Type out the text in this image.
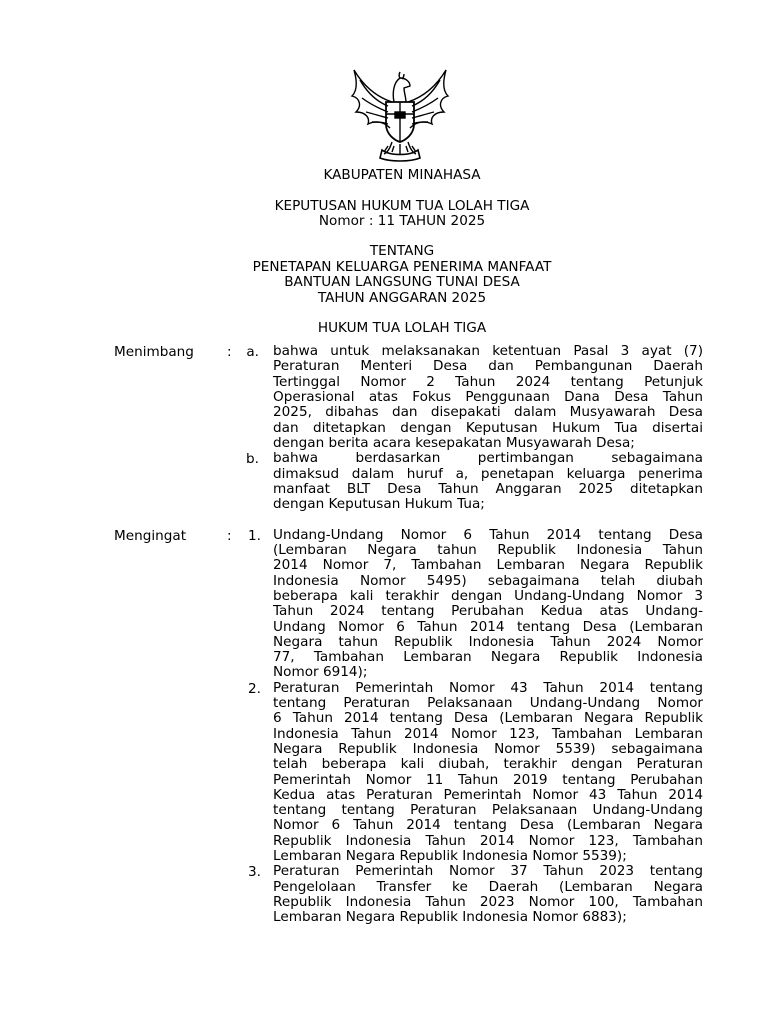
KABUPATEN MINAHASA
KEPUTUSAN HUKUM TUA LOLAH TIGA
Nomor : 11 TAHUN 2025
TENTANG
PENETAPAN KELUARGA PENERIMA MANFAAT
BANTUAN LANGSUNG TUNAI DESA
TAHUN ANGGARAN 2025
HUKUM TUA LOLAH TIGA
Menimbang :	a. bahwa untuk melaksanakan ketentuan Pasal 3 ayat (7)
Peraturan Menteri Desa dan Pembangunan Daerah
Tertinggal Nomor 2 Tahun 2024 tentang Petunjuk
Operasional atas Fokus Penggunaan Dana Desa Tahun
2025, dibahas dan disepakati dalam Musyawarah Desa
dan ditetapkan dengan Keputusan Hukum Tua disertai
dengan berita acara kesepakatan Musyawarah Desa;
b. bahwa berdasarkan pertimbangan sebagaimana
dimaksud dalam huruf a, penetapan keluarga penerima
manfaat BLT Desa Tahun Anggaran 2025 ditetapkan
dengan Keputusan Hukum Tua;
Mengingat	:	1. Undang-Undang Nomor 6 Tahun 2014 tentang Desa
(Lembaran Negara tahun Republik Indonesia Tahun
2014 Nomor 7, Tambahan Lembaran Negara Republik
Indonesia Nomor 5495) sebagaimana telah diubah
beberapa kali terakhir dengan Undang-Undang Nomor 3
Tahun 2024 tentang Perubahan Kedua atas Undang-
Undang Nomor 6 Tahun 2014 tentang Desa (Lembaran
Negara tahun Republik Indonesia Tahun 2024 Nomor
77, Tambahan Lembaran Negara Republik Indonesia
Nomor 6914);
2. Peraturan Pemerintah Nomor 43 Tahun 2014 tentang
tentang Peraturan Pelaksanaan Undang-Undang Nomor
6 Tahun 2014 tentang Desa (Lembaran Negara Republik
Indonesia Tahun 2014 Nomor 123, Tambahan Lembaran
Negara Republik Indonesia Nomor 5539) sebagaimana
telah beberapa kali diubah, terakhir dengan Peraturan
Pemerintah Nomor 11 Tahun 2019 tentang Perubahan
Kedua atas Peraturan Pemerintah Nomor 43 Tahun 2014
tentang tentang Peraturan Pelaksanaan Undang-Undang
Nomor 6 Tahun 2014 tentang Desa (Lembaran Negara
Republik Indonesia Tahun 2014 Nomor 123, Tambahan
Lembaran Negara Republik Indonesia Nomor 5539);
3. Peraturan Pemerintah Nomor 37 Tahun 2023 tentang
Pengelolaan Transfer ke Daerah (Lembaran Negara
Republik Indonesia Tahun 2023 Nomor 100, Tambahan
Lembaran Negara Republik Indonesia Nomor 6883);
